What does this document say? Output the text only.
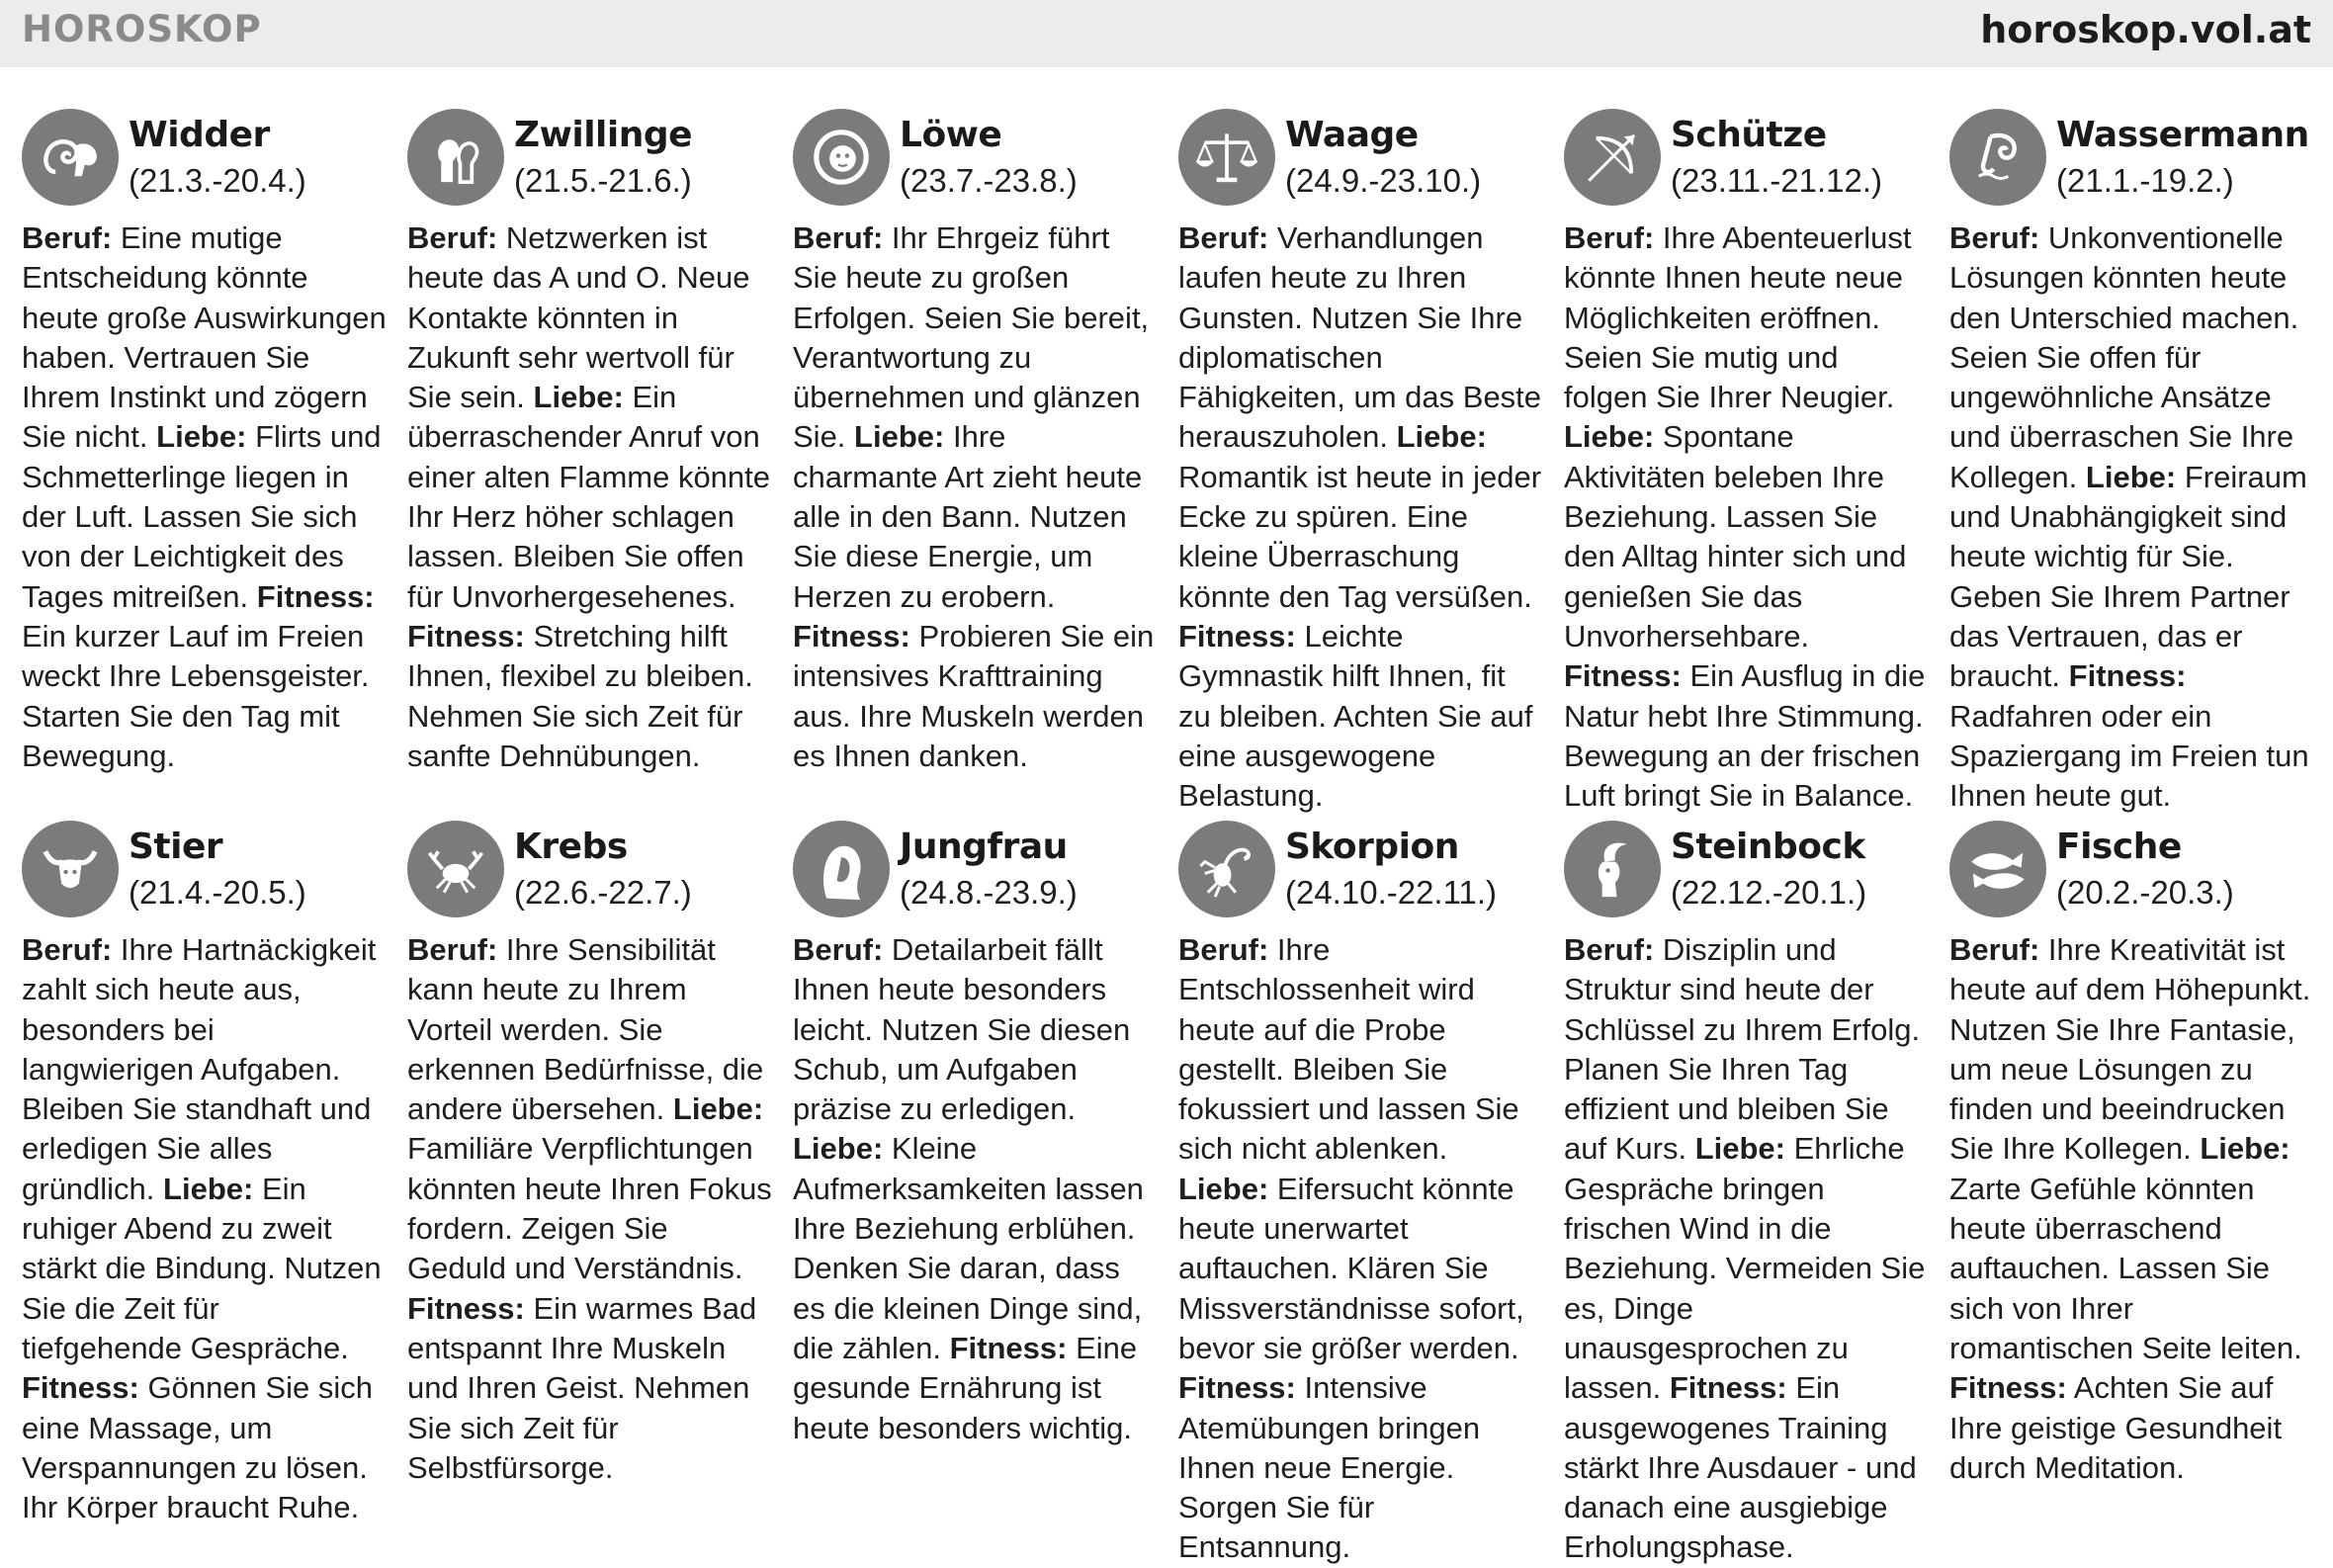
HOROSKOP	horoskop.vol.at
Widder
(21.3.-20.4.)

Beruf: Eine mutige Entscheidung könnte heute große Auswirkungen haben. Vertrauen Sie Ihrem Instinkt und zögern Sie nicht. Liebe: Flirts und Schmetterlinge liegen in der Luft. Lassen Sie sich von der Leichtigkeit des Tages mitreißen. Fitness: Ein kurzer Lauf im Freien weckt Ihre Lebensgeister. Starten Sie den Tag mit Bewegung.

Zwillinge
(21.5.-21.6.)

Beruf: Netzwerken ist heute das A und O. Neue Kontakte könnten in Zukunft sehr wertvoll für Sie sein. Liebe: Ein überraschender Anruf von einer alten Flamme könnte Ihr Herz höher schlagen lassen. Bleiben Sie offen für Unvorhergesehenes. Fitness: Stretching hilft Ihnen, flexibel zu bleiben. Nehmen Sie sich Zeit für sanfte Dehnübungen.

Löwe
(23.7.-23.8.)

Beruf: Ihr Ehrgeiz führt Sie heute zu großen Erfolgen. Seien Sie bereit, Verantwortung zu übernehmen und glänzen Sie. Liebe: Ihre charmante Art zieht heute alle in den Bann. Nutzen Sie diese Energie, um Herzen zu erobern. Fitness: Probieren Sie ein intensives Krafttraining aus. Ihre Muskeln werden es Ihnen danken.

Waage
(24.9.-23.10.)

Beruf: Verhandlungen laufen heute zu Ihren Gunsten. Nutzen Sie Ihre diplomatischen Fähigkeiten, um das Beste herauszuholen. Liebe: Romantik ist heute in jeder Ecke zu spüren. Eine kleine Überraschung könnte den Tag versüßen. Fitness: Leichte Gymnastik hilft Ihnen, fit zu bleiben. Achten Sie auf eine ausgewogene Belastung.

Schütze
(23.11.-21.12.)

Beruf: Ihre Abenteuerlust könnte Ihnen heute neue Möglichkeiten eröffnen. Seien Sie mutig und folgen Sie Ihrer Neugier. Liebe: Spontane Aktivitäten beleben Ihre Beziehung. Lassen Sie den Alltag hinter sich und genießen Sie das Unvorhersehbare. Fitness: Ein Ausflug in die Natur hebt Ihre Stimmung. Bewegung an der frischen Luft bringt Sie in Balance.

Wassermann
(21.1.-19.2.)

Beruf: Unkonventionelle Lösungen könnten heute den Unterschied machen. Seien Sie offen für ungewöhnliche Ansätze und überraschen Sie Ihre Kollegen. Liebe: Freiraum und Unabhängigkeit sind heute wichtig für Sie. Geben Sie Ihrem Partner das Vertrauen, das er braucht. Fitness: Radfahren oder ein Spaziergang im Freien tun Ihnen heute gut.

Stier
(21.4.-20.5.)

Beruf: Ihre Hartnäckigkeit zahlt sich heute aus, besonders bei langwierigen Aufgaben. Bleiben Sie standhaft und erledigen Sie alles gründlich. Liebe: Ein ruhiger Abend zu zweit stärkt die Bindung. Nutzen Sie die Zeit für tiefgehende Gespräche. Fitness: Gönnen Sie sich eine Massage, um Verspannungen zu lösen. Ihr Körper braucht Ruhe.

Krebs
(22.6.-22.7.)

Beruf: Ihre Sensibilität kann heute zu Ihrem Vorteil werden. Sie erkennen Bedürfnisse, die andere übersehen. Liebe: Familiäre Verpflichtungen könnten heute Ihren Fokus fordern. Zeigen Sie Geduld und Verständnis. Fitness: Ein warmes Bad entspannt Ihre Muskeln und Ihren Geist. Nehmen Sie sich Zeit für Selbstfürsorge.

Jungfrau
(24.8.-23.9.)

Beruf: Detailarbeit fällt Ihnen heute besonders leicht. Nutzen Sie diesen Schub, um Aufgaben präzise zu erledigen. Liebe: Kleine Aufmerksamkeiten lassen Ihre Beziehung erblühen. Denken Sie daran, dass es die kleinen Dinge sind, die zählen. Fitness: Eine gesunde Ernährung ist heute besonders wichtig.

Skorpion
(24.10.-22.11.)

Beruf: Ihre Entschlossenheit wird heute auf die Probe gestellt. Bleiben Sie fokussiert und lassen Sie sich nicht ablenken. Liebe: Eifersucht könnte heute unerwartet auftauchen. Klären Sie Missverständnisse sofort, bevor sie größer werden. Fitness: Intensive Atemübungen bringen Ihnen neue Energie. Sorgen Sie für Entsannung.

Steinbock
(22.12.-20.1.)

Beruf: Disziplin und Struktur sind heute der Schlüssel zu Ihrem Erfolg. Planen Sie Ihren Tag effizient und bleiben Sie auf Kurs. Liebe: Ehrliche Gespräche bringen frischen Wind in die Beziehung. Vermeiden Sie es, Dinge unausgesprochen zu lassen. Fitness: Ein ausgewogenes Training stärkt Ihre Ausdauer - und danach eine ausgiebige Erholungsphase.

Fische
(20.2.-20.3.)

Beruf: Ihre Kreativität ist heute auf dem Höhepunkt. Nutzen Sie Ihre Fantasie, um neue Lösungen zu finden und beeindrucken Sie Ihre Kollegen. Liebe: Zarte Gefühle könnten heute überraschend auftauchen. Lassen Sie sich von Ihrer romantischen Seite leiten. Fitness: Achten Sie auf Ihre geistige Gesundheit durch Meditation.
